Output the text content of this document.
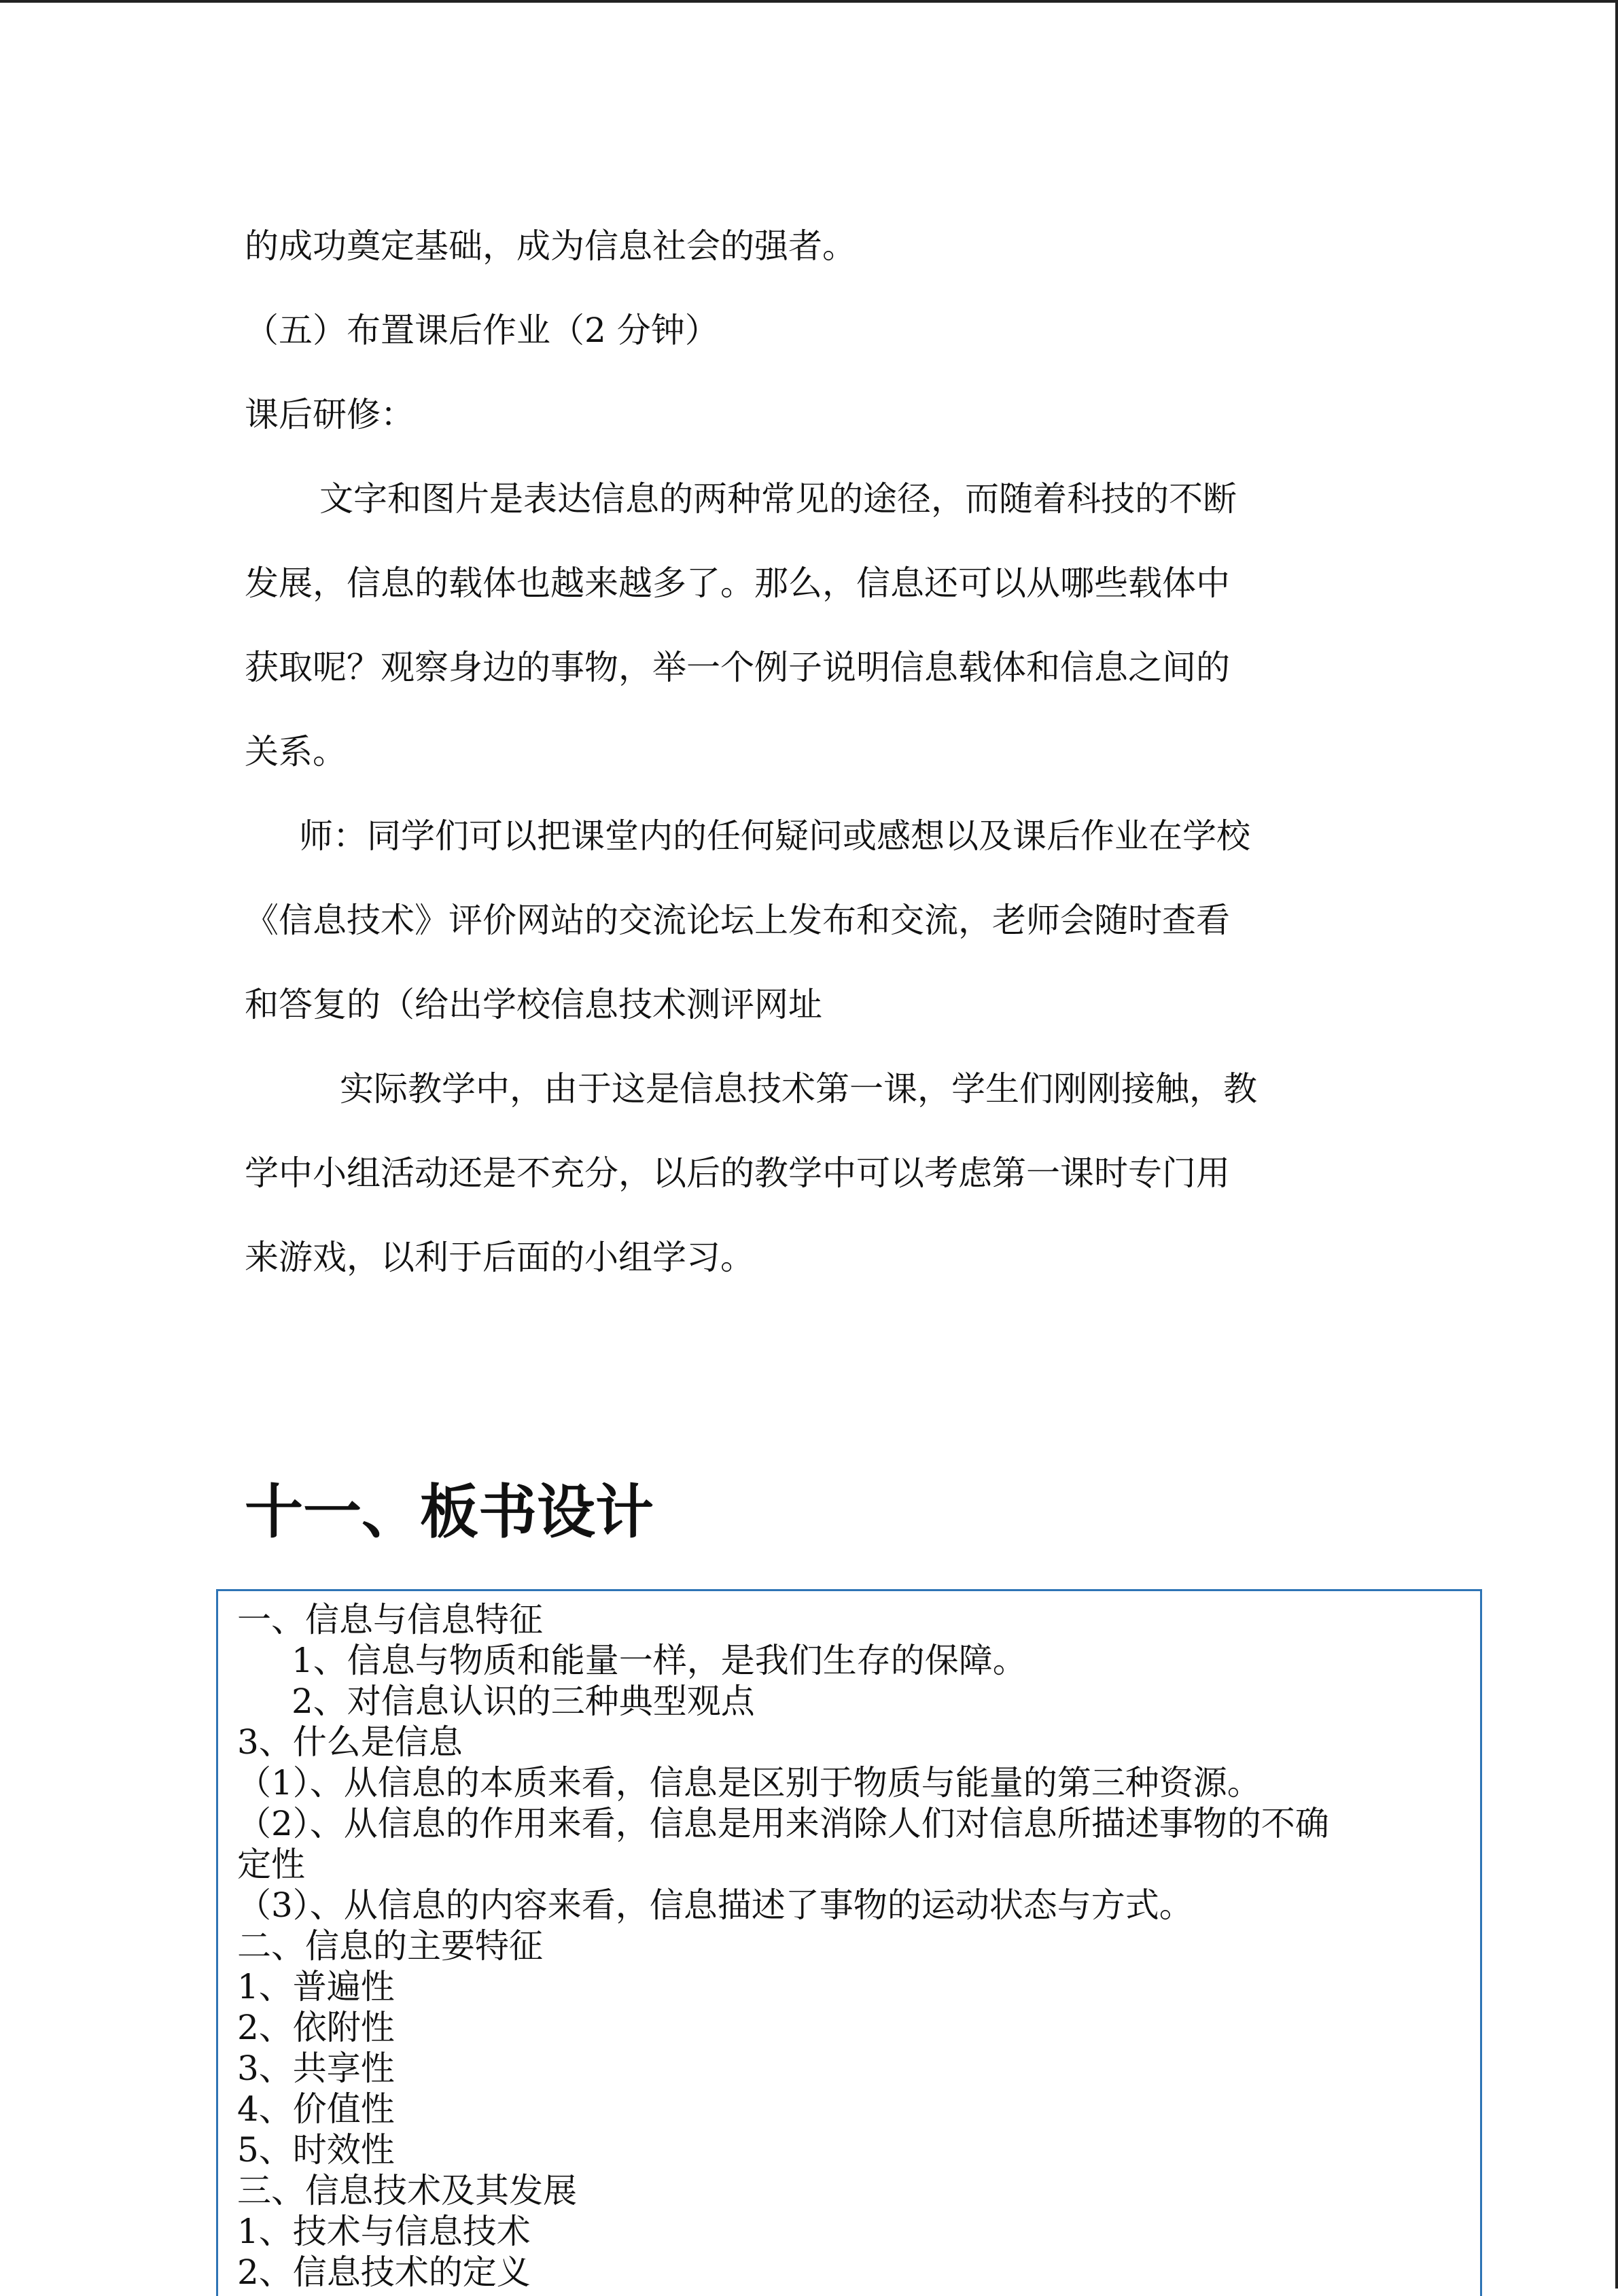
的成功奠定基础，成为信息社会的强者。

（五）布置课后作业（2 分钟）

课后研修：

文字和图片是表达信息的两种常见的途径，而随着科技的不断

发展，信息的载体也越来越多了。那么，信息还可以从哪些载体中

获取呢？观察身边的事物，举一个例子说明信息载体和信息之间的

关系。

师：同学们可以把课堂内的任何疑问或感想以及课后作业在学校

《信息技术》评价网站的交流论坛上发布和交流，老师会随时查看

和答复的（给出学校信息技术测评网址

实际教学中，由于这是信息技术第一课，学生们刚刚接触，教

学中小组活动还是不充分，以后的教学中可以考虑第一课时专门用

来游戏，以利于后面的小组学习。

十一、板书设计

一、信息与信息特征

1、信息与物质和能量一样，是我们生存的保障。

2、对信息认识的三种典型观点

3、什么是信息

（1）、从信息的本质来看，信息是区别于物质与能量的第三种资源。

（2）、从信息的作用来看，信息是用来消除人们对信息所描述事物的不确

定性

（3）、从信息的内容来看，信息描述了事物的运动状态与方式。

二、信息的主要特征

1、普遍性

2、依附性

3、共享性

4、价值性

5、时效性

三、信息技术及其发展

1、技术与信息技术

2、信息技术的定义
